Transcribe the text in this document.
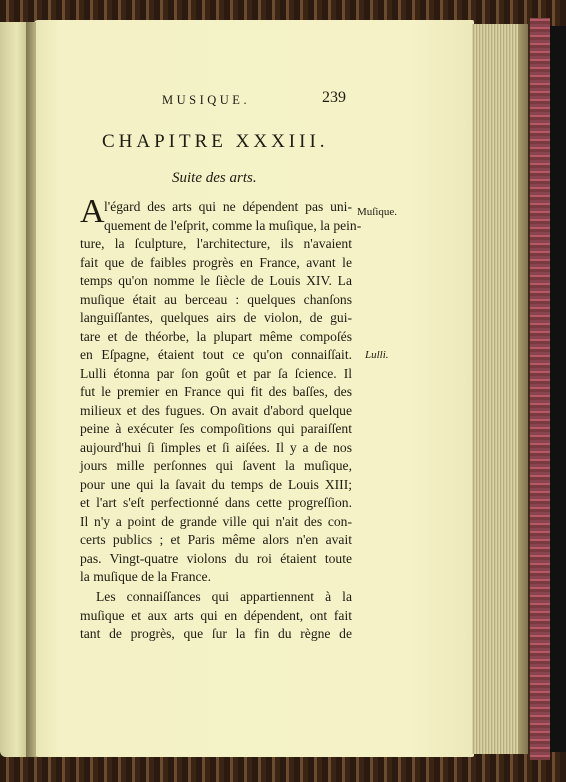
MUSIQUE.	239
CHAPITRE XXXIII.
Suite des arts.
A l'égard des arts qui ne dépendent pas uni-
quement de l'eſprit, comme la muſique, la pein-
ture, la ſculpture, l'architecture, ils n'avaient
fait que de faibles progrès en France, avant le
temps qu'on nomme le ſiècle de Louis XIV. La
muſique était au berceau : quelques chanſons
languiſſantes, quelques airs de violon, de gui-
tare et de théorbe, la plupart même compoſés
en Eſpagne, étaient tout ce qu'on connaiſſait.
Lulli étonna par ſon goût et par ſa ſcience. Il
fut le premier en France qui fit des baſſes, des
milieux et des fugues. On avait d'abord quelque
peine à exécuter ſes compoſitions qui paraiſſent
aujourd'hui ſi ſimples et ſi aiſées. Il y a de nos
jours mille perſonnes qui ſavent la muſique,
pour une qui la ſavait du temps de Louis XIII;
et l'art s'eſt perfectionné dans cette progreſſion.
Il n'y a point de grande ville qui n'ait des con-
certs publics ; et Paris même alors n'en avait
pas. Vingt-quatre violons du roi étaient toute
la muſique de la France.
Les connaiſſances qui appartiennent à la
muſique et aux arts qui en dépendent, ont fait
tant de progrès, que ſur la fin du règne de
Muſique.
Lulli.
